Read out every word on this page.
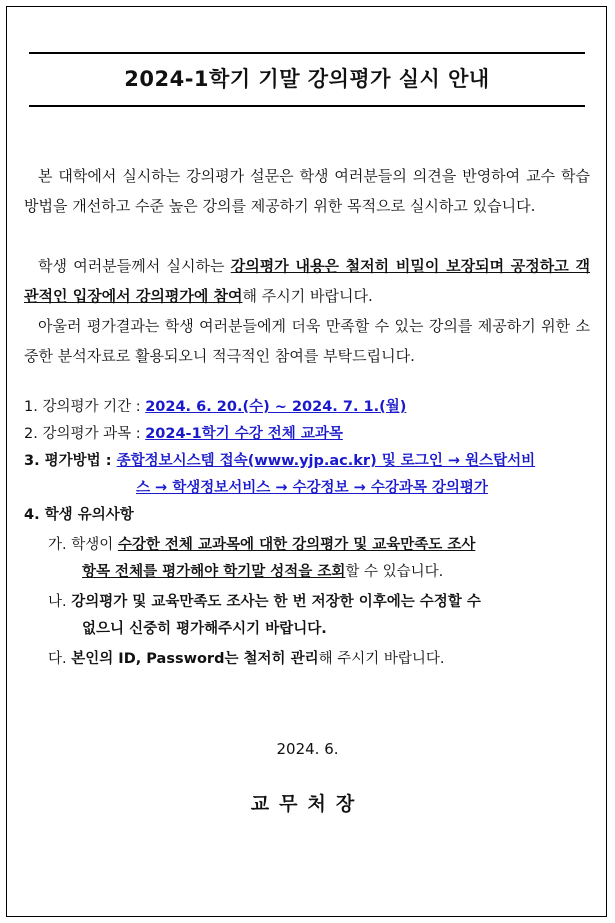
2024-1학기 기말 강의평가 실시 안내

본 대학에서 실시하는 강의평가 설문은 학생 여러분들의 의견을 반영하여 교수 학습방법을 개선하고 수준 높은 강의를 제공하기 위한 목적으로 실시하고 있습니다.

학생 여러분들께서 실시하는 강의평가 내용은 철저히 비밀이 보장되며 공정하고 객관적인 입장에서 강의평가에 참여해 주시기 바랍니다.

아울러 평가결과는 학생 여러분들에게 더욱 만족할 수 있는 강의를 제공하기 위한 소중한 분석자료로 활용되오니 적극적인 참여를 부탁드립니다.

1. 강의평가 기간 : 2024. 6. 20.(수) ~ 2024. 7. 1.(월)
2. 강의평가 과목 : 2024-1학기 수강 전체 교과목
3. 평가방법 : 종합정보시스템 접속(www.yjp.ac.kr) 및 로그인 → 원스탑서비
스 → 학생정보서비스 → 수강정보 → 수강과목 강의평가
4. 학생 유의사항
가. 학생이 수강한 전체 교과목에 대한 강의평가 및 교육만족도 조사
항목 전체를 평가해야 학기말 성적을 조회할 수 있습니다.
나. 강의평가 및 교육만족도 조사는 한 번 저장한 이후에는 수정할 수
없으니 신중히 평가해주시기 바랍니다.
다. 본인의 ID, Password는 철저히 관리해 주시기 바랍니다.
2024. 6.
교무처장
